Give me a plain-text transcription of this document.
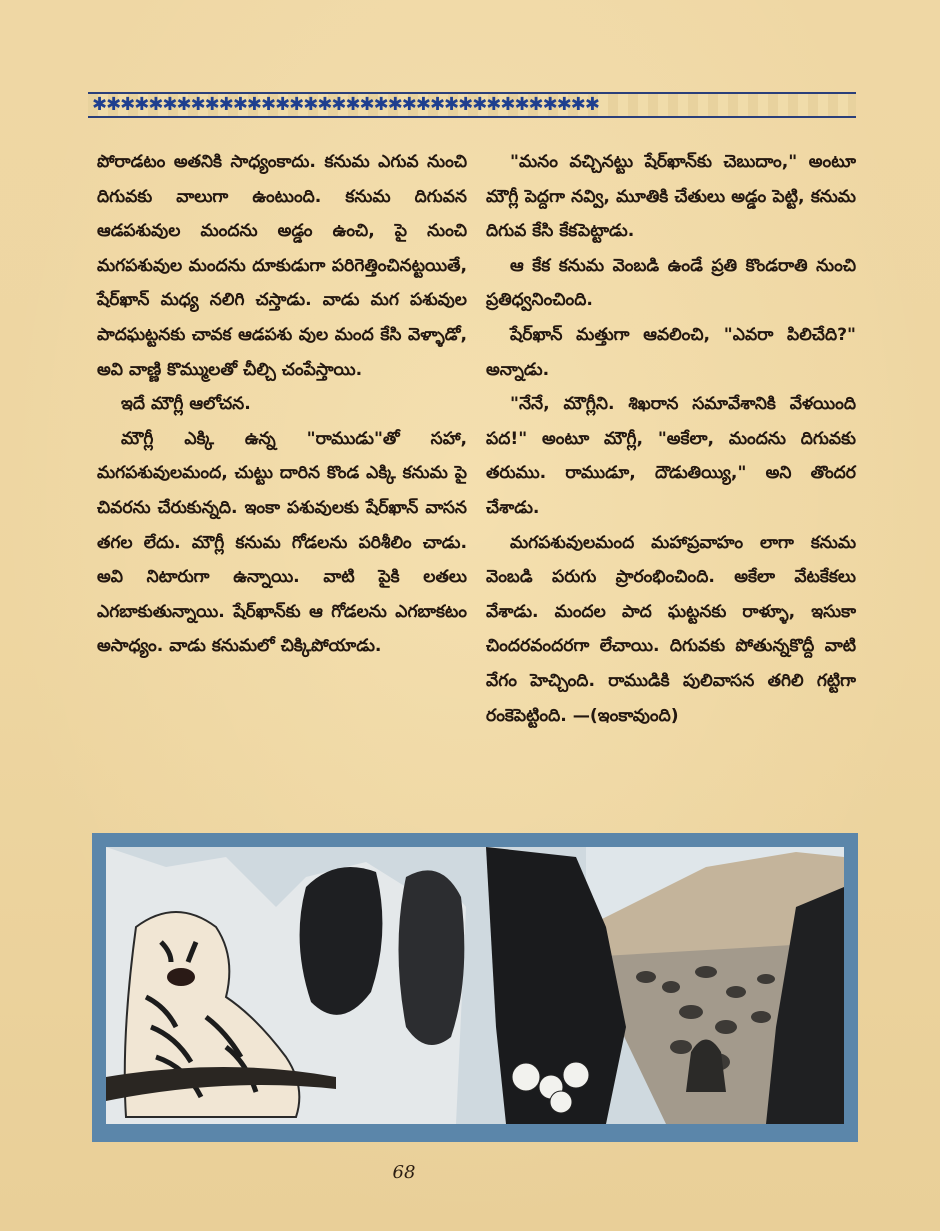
✱✱✱✱✱✱✱✱✱✱✱✱✱✱✱✱✱✱✱✱✱✱✱✱✱✱✱✱✱✱✱✱✱✱✱✱

పోరాడటం అతనికి సాధ్యంకాదు. కనుమ ఎగువ నుంచి దిగువకు వాలుగా ఉంటుంది. కనుమ దిగువన ఆడపశువుల మందను అడ్డం ఉంచి, పై నుంచి మగపశువుల మందను దూకుడుగా పరిగెత్తించినట్టయితే, షేర్‌ఖాన్ మధ్య నలిగి చస్తాడు. వాడు మగ పశువుల పాదఘట్టనకు చావక ఆడపశు వుల మంద కేసి వెళ్ళాడో, అవి వాణ్ణి కొమ్ములతో చీల్చి చంపేస్తాయి.

ఇదే మౌగ్లీ ఆలోచన.

మౌగ్లీ ఎక్కి ఉన్న "రాముడు"తో సహా, మగపశువులమంద, చుట్టు దారిన కొండ ఎక్కి కనుమ పై చివరను చేరుకున్నది. ఇంకా పశువులకు షేర్‌ఖాన్ వాసన తగల లేదు. మౌగ్లీ కనుమ గోడలను పరిశీలిం చాడు. అవి నిటారుగా ఉన్నాయి. వాటి పైకి లతలు ఎగబాకుతున్నాయి. షేర్‌ఖాన్‌కు ఆ గోడలను ఎగబాకటం అసాధ్యం. వాడు కనుమలో చిక్కిపోయాడు.

"మనం వచ్చినట్టు షేర్‌ఖాన్‌కు చెబుదాం," అంటూ మౌగ్లీ పెద్దగా నవ్వి, మూతికి చేతులు అడ్డం పెట్టి, కనుమ దిగువ కేసి కేకపెట్టాడు.

ఆ కేక కనుమ వెంబడి ఉండే ప్రతి కొండరాతి నుంచి ప్రతిధ్వనించింది.

షేర్‌ఖాన్ మత్తుగా ఆవలించి, "ఎవరా పిలిచేది?" అన్నాడు.

"నేనే, మౌగ్లీని. శిఖరాన సమావేశానికి వేళయింది పద!" అంటూ మౌగ్లీ, "అకేలా, మందను దిగువకు తరుము. రాముడూ, దౌడుతియ్యి," అని తొందర చేశాడు.

మగపశువులమంద మహాప్రవాహం లాగా కనుమ వెంబడి పరుగు ప్రారంభించింది. అకేలా వేటకేకలు వేశాడు. మందల పాద ఘట్టనకు రాళ్ళూ, ఇసుకా చిందరవందరగా లేచాయి. దిగువకు పోతున్నకొద్దీ వాటి వేగం హెచ్చింది. రాముడికి పులివాసన తగిలి గట్టిగా రంకెపెట్టింది. —(ఇంకావుంది)

68
